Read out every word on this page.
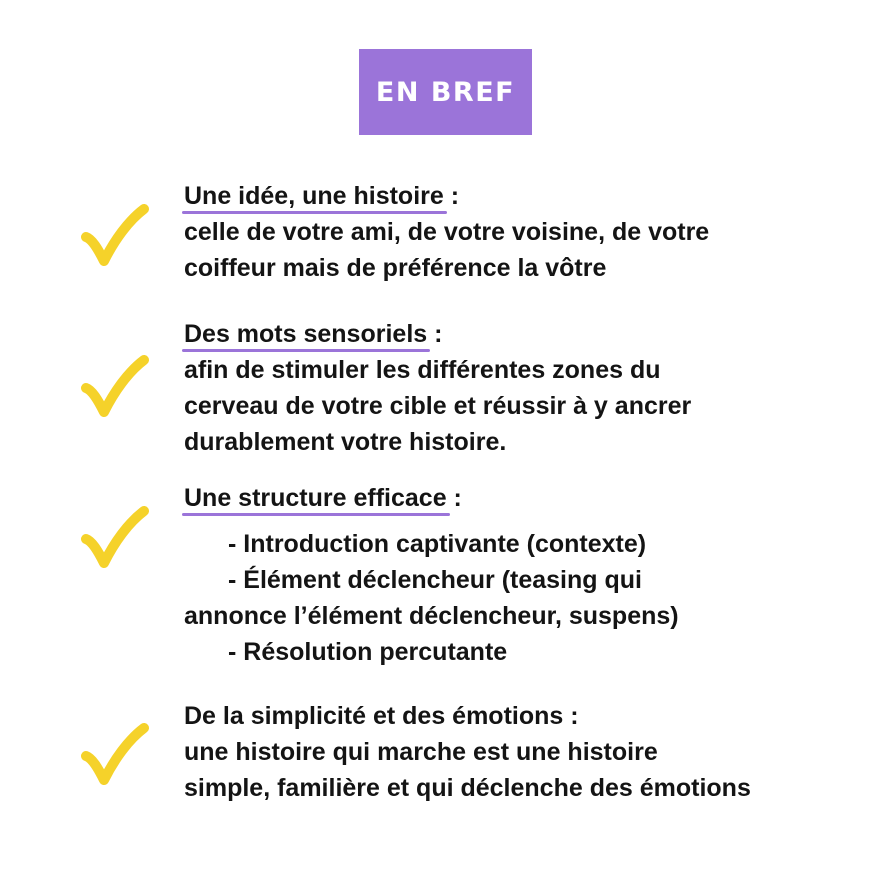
EN BREF
Une idée, une histoire :
celle de votre ami, de votre voisine, de votre
coiffeur mais de préférence la vôtre
Des mots sensoriels :
afin de stimuler les différentes zones du
cerveau de votre cible et réussir à y ancrer
durablement votre histoire.
Une structure efficace :
- Introduction captivante (contexte)
- Élément déclencheur (teasing qui
annonce l’élément déclencheur, suspens)
- Résolution percutante
De la simplicité et des émotions :
une histoire qui marche est une histoire
simple, familière et qui déclenche des émotions
